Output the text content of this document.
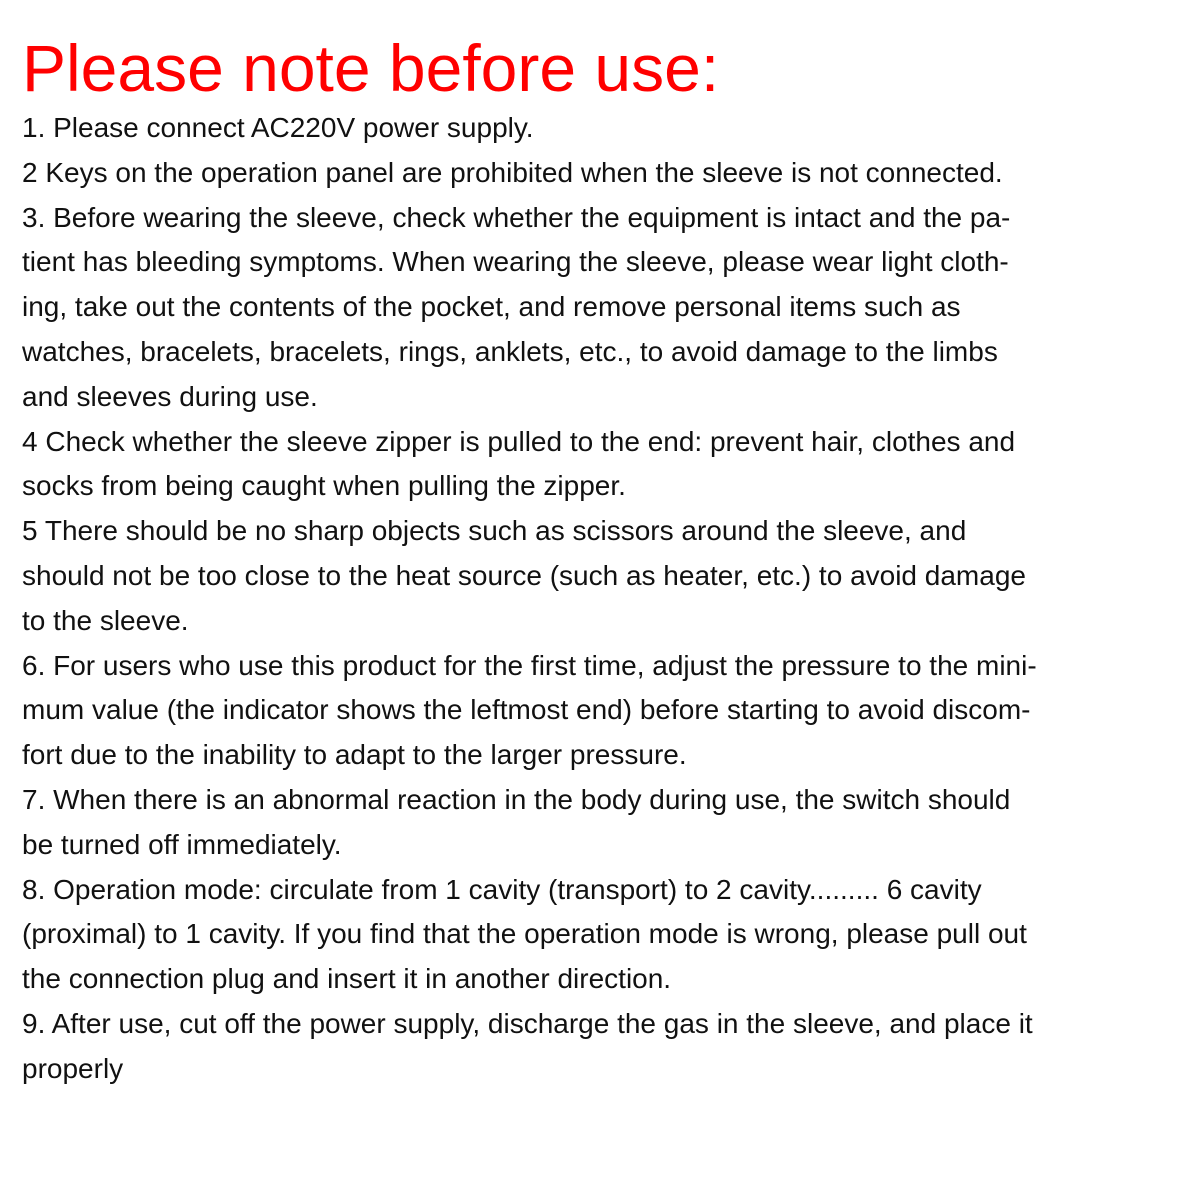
Please note before use:
1. Please connect AC220V power supply.
2 Keys on the operation panel are prohibited when the sleeve is not connected.
3. Before wearing the sleeve, check whether the equipment is intact and the pa-
tient has bleeding symptoms. When wearing the sleeve, please wear light cloth-
ing, take out the contents of the pocket, and remove personal items such as
watches, bracelets, bracelets, rings, anklets, etc., to avoid damage to the limbs
and sleeves during use.
4 Check whether the sleeve zipper is pulled to the end: prevent hair, clothes and
socks from being caught when pulling the zipper.
5 There should be no sharp objects such as scissors around the sleeve, and
should not be too close to the heat source (such as heater, etc.) to avoid damage
to the sleeve.
6. For users who use this product for the first time, adjust the pressure to the mini-
mum value (the indicator shows the leftmost end) before starting to avoid discom-
fort due to the inability to adapt to the larger pressure.
7. When there is an abnormal reaction in the body during use, the switch should
be turned off immediately.
8. Operation mode: circulate from 1 cavity (transport) to 2 cavity......... 6 cavity
(proximal) to 1 cavity. If you find that the operation mode is wrong, please pull out
the connection plug and insert it in another direction.
9. After use, cut off the power supply, discharge the gas in the sleeve, and place it
properly
